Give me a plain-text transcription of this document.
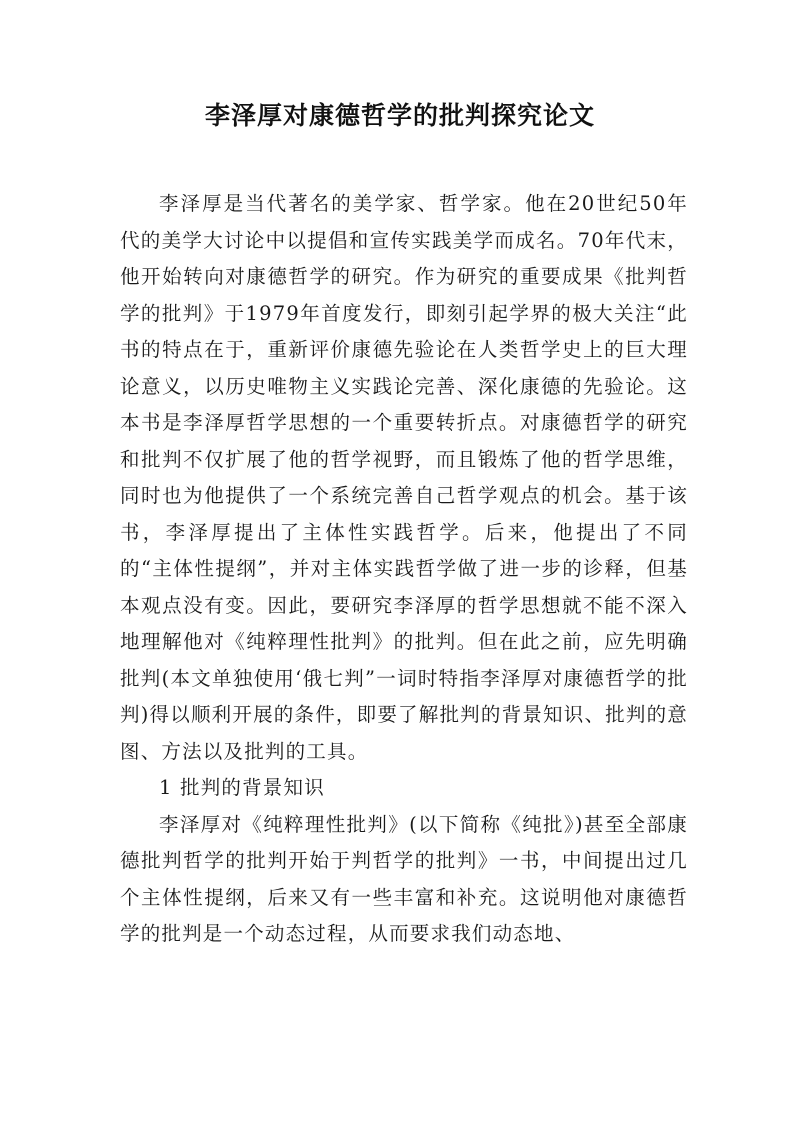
李泽厚对康德哲学的批判探究论文

李泽厚是当代著名的美学家、哲学家。他在20世纪50年代的美学大讨论中以提倡和宣传实践美学而成名。70年代末，他开始转向对康德哲学的研究。作为研究的重要成果《批判哲学的批判》于1979年首度发行，即刻引起学界的极大关注“此书的特点在于，重新评价康德先验论在人类哲学史上的巨大理论意义，以历史唯物主义实践论完善、深化康德的先验论。这本书是李泽厚哲学思想的一个重要转折点。对康德哲学的研究和批判不仅扩展了他的哲学视野，而且锻炼了他的哲学思维，同时也为他提供了一个系统完善自己哲学观点的机会。基于该书，李泽厚提出了主体性实践哲学。后来，他提出了不同的“主体性提纲”，并对主体实践哲学做了进一步的诊释，但基本观点没有变。因此，要研究李泽厚的哲学思想就不能不深入地理解他对《纯粹理性批判》的批判。但在此之前，应先明确批判(本文单独使用‘俄七判”一词时特指李泽厚对康德哲学的批判)得以顺利开展的条件，即要了解批判的背景知识、批判的意图、方法以及批判的工具。

1 批判的背景知识

李泽厚对《纯粹理性批判》(以下简称《纯批》)甚至全部康德批判哲学的批判开始于判哲学的批判》一书，中间提出过几个主体性提纲，后来又有一些丰富和补充。这说明他对康德哲学的批判是一个动态过程，从而要求我们动态地、
